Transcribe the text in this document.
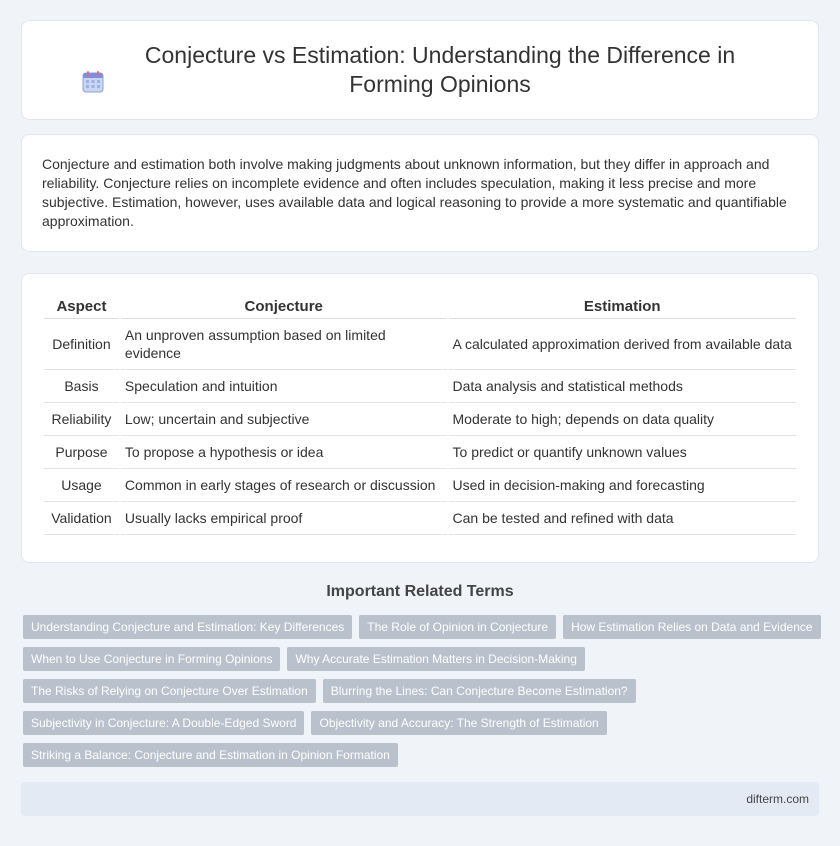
Conjecture vs Estimation: Understanding the Difference in Forming Opinions

Conjecture and estimation both involve making judgments about unknown information, but they differ in approach and reliability. Conjecture relies on incomplete evidence and often includes speculation, making it less precise and more subjective. Estimation, however, uses available data and logical reasoning to provide a more systematic and quantifiable approximation.

Aspect	Conjecture	Estimation
Definition	An unproven assumption based on limited evidence	A calculated approximation derived from available data
Basis	Speculation and intuition	Data analysis and statistical methods
Reliability	Low; uncertain and subjective	Moderate to high; depends on data quality
Purpose	To propose a hypothesis or idea	To predict or quantify unknown values
Usage	Common in early stages of research or discussion	Used in decision-making and forecasting
Validation	Usually lacks empirical proof	Can be tested and refined with data
Important Related Terms
Understanding Conjecture and Estimation: Key Differences	The Role of Opinion in Conjecture	How Estimation Relies on Data and Evidence
When to Use Conjecture in Forming Opinions	Why Accurate Estimation Matters in Decision-Making
The Risks of Relying on Conjecture Over Estimation	Blurring the Lines: Can Conjecture Become Estimation?
Subjectivity in Conjecture: A Double-Edged Sword	Objectivity and Accuracy: The Strength of Estimation
Striking a Balance: Conjecture and Estimation in Opinion Formation
difterm.com
